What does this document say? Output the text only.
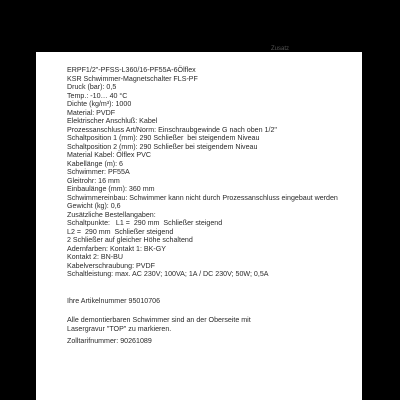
Zusatz
ERPF1/2"-PFSS-L360/16-PF55A-6Ölflex
KSR Schwimmer-Magnetschalter FLS-PF
Druck (bar): 0,5
Temp.: -10… 40 °C
Dichte (kg/m³): 1000
Material: PVDF
Elektrischer Anschluß: Kabel
Prozessanschluss Art/Norm: Einschraubgewinde G nach oben 1/2"
Schaltposition 1 (mm): 290 Schließer  bei steigendem Niveau
Schaltposition 2 (mm): 290 Schließer bei steigendem Niveau
Material Kabel: Ölflex PVC
Kabellänge (m): 6
Schwimmer: PF55A
Gleitrohr: 16 mm
Einbaulänge (mm): 360 mm
Schwimmereinbau: Schwimmer kann nicht durch Prozessanschluss eingebaut werden
Gewicht (kg): 0,6
Zusätzliche Bestellangaben:
Schaltpunkte:   L1 =  290 mm  Schließer steigend
L2 =  290 mm  Schließer steigend
2 Schließer auf gleicher Höhe schaltend
Adernfarben: Kontakt 1: BK-GY
Kontakt 2: BN-BU
Kabelverschraubung: PVDF
Schaltleistung: max. AC 230V; 100VA; 1A / DC 230V; 50W; 0,5A
Ihre Artikelnummer 95010706
Alle demontierbaren Schwimmer sind an der Oberseite mit
Lasergravur "TOP" zu markieren.
Zolltarifnummer: 90261089
